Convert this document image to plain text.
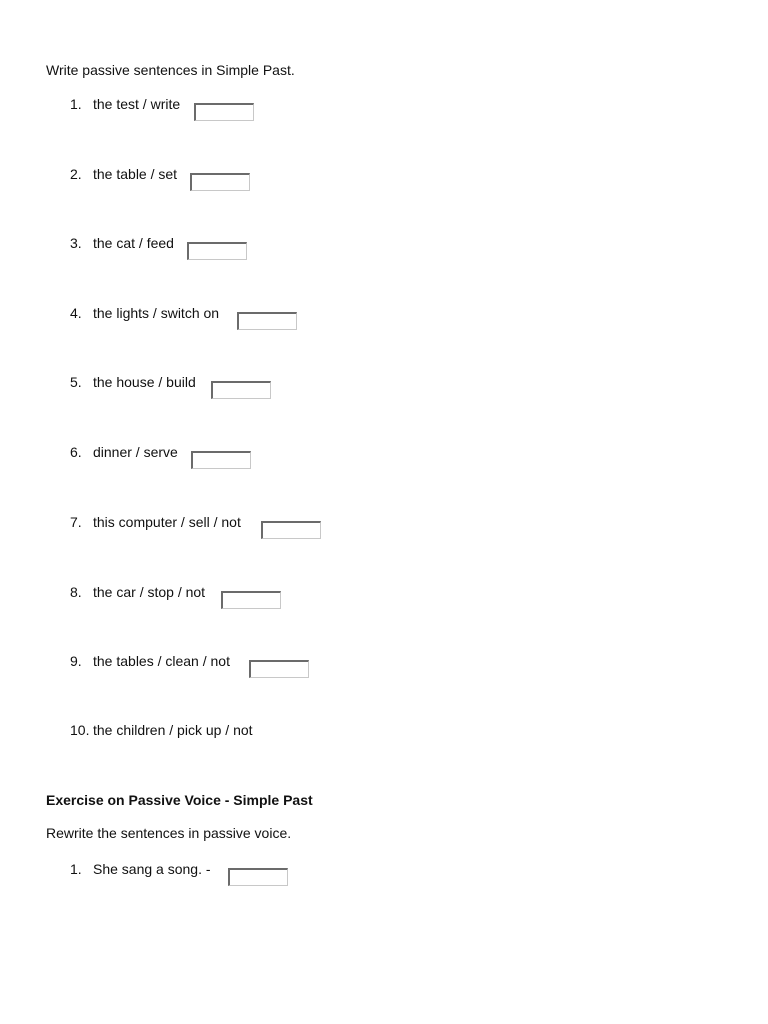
Write passive sentences in Simple Past.

1. the test / write
2. the table / set
3. the cat / feed
4. the lights / switch on
5. the house / build
6. dinner / serve
7. this computer / sell / not
8. the car / stop / not
9. the tables / clean / not
10. the children / pick up / not
Exercise on Passive Voice - Simple Past

Rewrite the sentences in passive voice.

1. She sang a song. -
